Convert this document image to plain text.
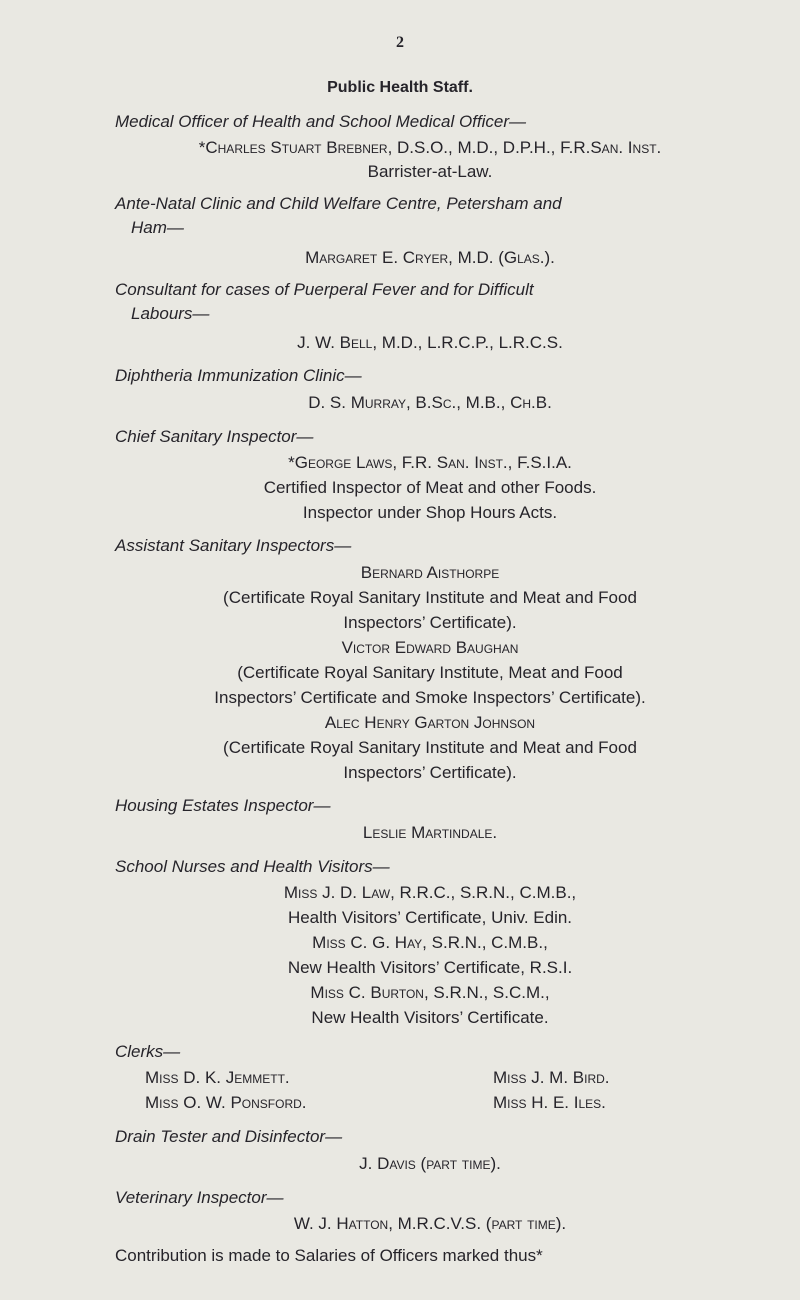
2
Public Health Staff.
Medical Officer of Health and School Medical Officer—
*Charles Stuart Brebner, D.S.O., M.D., D.P.H., F.R.San. Inst.
Barrister-at-Law.
Ante-Natal Clinic and Child Welfare Centre, Petersham and
Ham—
Margaret E. Cryer, M.D. (Glas.).
Consultant for cases of Puerperal Fever and for Difficult
Labours—
J. W. Bell, M.D., L.R.C.P., L.R.C.S.
Diphtheria Immunization Clinic—
D. S. Murray, B.Sc., M.B., Ch.B.
Chief Sanitary Inspector—
*George Laws, F.R. San. Inst., F.S.I.A.
Certified Inspector of Meat and other Foods.
Inspector under Shop Hours Acts.
Assistant Sanitary Inspectors—
Bernard Aisthorpe
(Certificate Royal Sanitary Institute and Meat and Food
Inspectors’ Certificate).
Victor Edward Baughan
(Certificate Royal Sanitary Institute, Meat and Food
Inspectors’ Certificate and Smoke Inspectors’ Certificate).
Alec Henry Garton Johnson
(Certificate Royal Sanitary Institute and Meat and Food
Inspectors’ Certificate).
Housing Estates Inspector—
Leslie Martindale.
School Nurses and Health Visitors—
Miss J. D. Law, R.R.C., S.R.N., C.M.B.,
Health Visitors’ Certificate, Univ. Edin.
Miss C. G. Hay, S.R.N., C.M.B.,
New Health Visitors’ Certificate, R.S.I.
Miss C. Burton, S.R.N., S.C.M.,
New Health Visitors’ Certificate.
Clerks—
Miss D. K. Jemmett.	Miss J. M. Bird.
Miss O. W. Ponsford.	Miss H. E. Iles.
Drain Tester and Disinfector—
J. Davis (part time).
Veterinary Inspector—
W. J. Hatton, M.R.C.V.S. (part time).
Contribution is made to Salaries of Officers marked thus*
